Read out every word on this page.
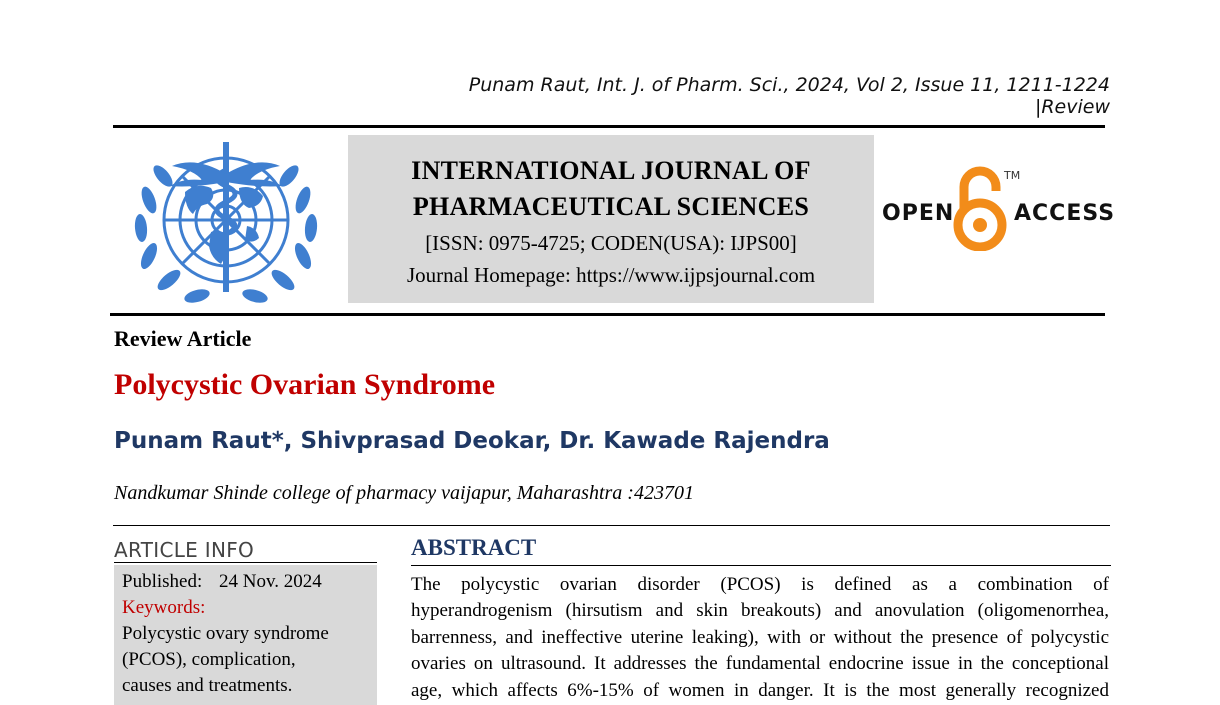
Punam Raut, Int. J. of Pharm. Sci., 2024, Vol 2, Issue 11, 1211-1224 |Review
INTERNATIONAL JOURNAL OF
PHARMACEUTICAL SCIENCES
[ISSN: 0975-4725; CODEN(USA): IJPS00]
Journal Homepage: https://www.ijpsjournal.com
OPEN
TM
ACCESS
Review Article
Polycystic Ovarian Syndrome
Punam Raut*, Shivprasad Deokar, Dr. Kawade Rajendra
Nandkumar Shinde college of pharmacy vaijapur, Maharashtra :423701
ARTICLE INFO
Published: 24 Nov. 2024
Keywords:
Polycystic ovary syndrome
(PCOS), complication,
causes and treatments.
ABSTRACT
The polycystic ovarian disorder (PCOS) is defined as a combination of
hyperandrogenism (hirsutism and skin breakouts) and anovulation (oligomenorrhea,
barrenness, and ineffective uterine leaking), with or without the presence of polycystic
ovaries on ultrasound. It addresses the fundamental endocrine issue in the conceptional
age, which affects 6%-15% of women in danger. It is the most generally recognized
